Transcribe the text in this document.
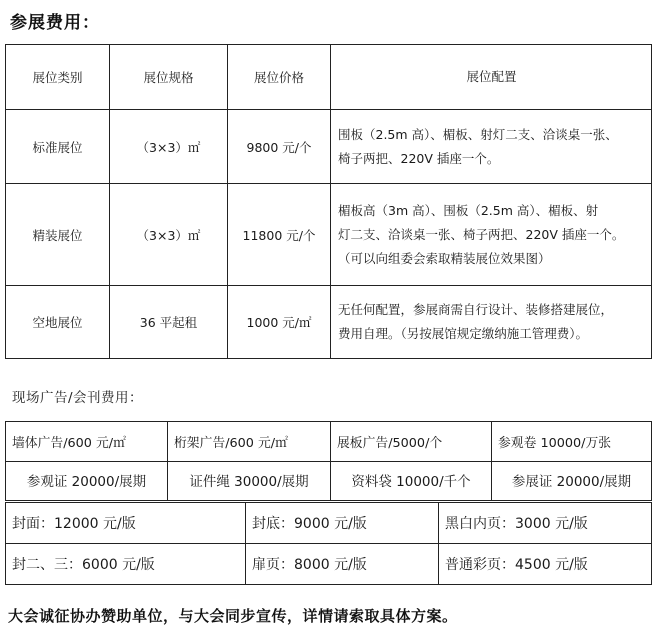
参展费用：
展位类别	展位规格	展位价格	展位配置
标准展位	（3×3）㎡	9800 元/个	围板（2.5m 高）、楣板、射灯二支、洽谈桌一张、
椅子两把、220V 插座一个。

精装展位	（3×3）㎡	11800 元/个	楣板高（3m 高）、围板（2.5m 高）、楣板、射
灯二支、洽谈桌一张、椅子两把、220V 插座一个。
（可以向组委会索取精装展位效果图）

空地展位	36 平起租	1000 元/㎡	无任何配置，参展商需自行设计、装修搭建展位，
费用自理。（另按展馆规定缴纳施工管理费）。
现场广告/会刊费用：
墙体广告/600 元/㎡	桁架广告/600 元/㎡	展板广告/5000/个	参观卷 10000/万张
参观证 20000/展期	证件绳 30000/展期	资料袋 10000/千个	参展证 20000/展期
封面：12000 元/版	封底：9000 元/版	黑白内页：3000 元/版
封二、三：6000 元/版	扉页：8000 元/版	普通彩页：4500 元/版
大会诚征协办赞助单位，与大会同步宣传，详情请索取具体方案。
